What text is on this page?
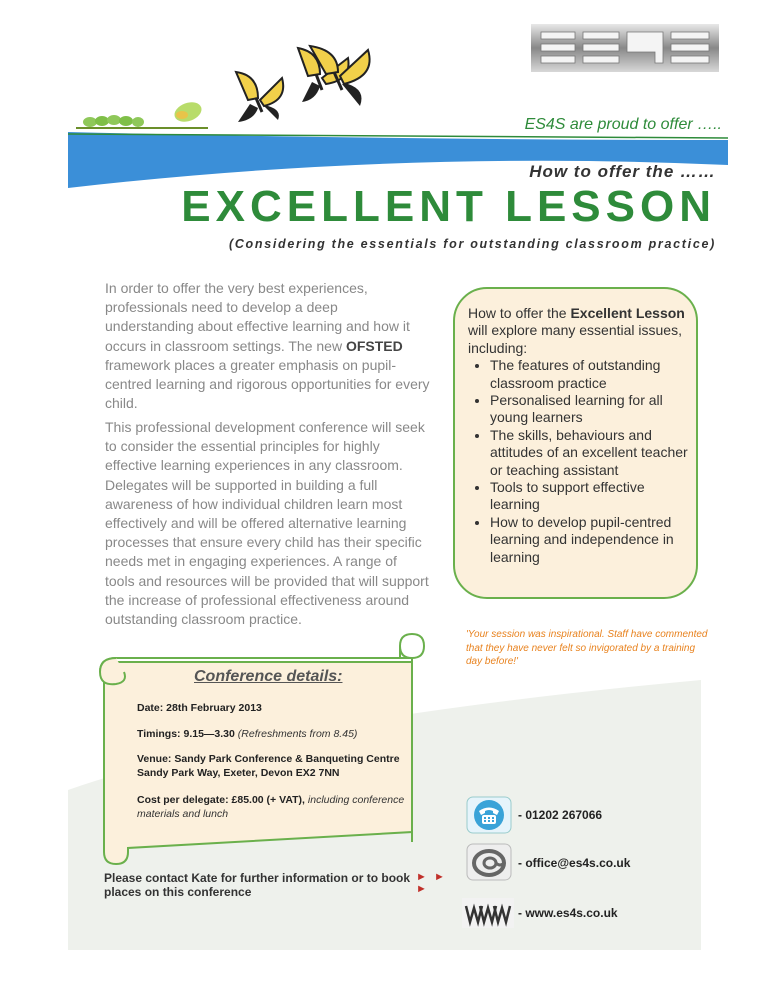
ES4S
ES4S are proud to offer …..
How to offer the ……
EXCELLENT LESSON
(Considering the essentials for outstanding classroom practice)
In order to offer the very best experiences, professionals need to develop a deep understanding about effective learning and how it occurs in classroom settings. The new OFSTED framework places a greater emphasis on pupil-centred learning and rigorous opportunities for every child.
This professional development conference will seek to consider the essential principles for highly effective learning experiences in any classroom. Delegates will be supported in building a full awareness of how individual children learn most effectively and will be offered alternative learning processes that ensure every child has their specific needs met in engaging experiences. A range of tools and resources will be provided that will support the increase of professional effectiveness around outstanding classroom practice.
How to offer the Excellent Lesson will explore many essential issues, including:
• The features of outstanding classroom practice
• Personalised learning for all young learners
• The skills, behaviours and attitudes of an excellent teacher or teaching assistant
• Tools to support effective learning
• How to develop pupil-centred learning and independence in learning
'Your session was inspirational. Staff have commented that they have never felt so invigorated by a training day before!'
Conference details:
Date: 28th February 2013
Timings: 9.15—3.30 (Refreshments from 8.45)
Venue: Sandy Park Conference & Banqueting Centre Sandy Park Way, Exeter, Devon EX2 7NN
Cost per delegate: £85.00 (+ VAT), including conference materials and lunch
Please contact Kate for further information or to book places on this conference
► ► ►
- 01202 267066
- office@es4s.co.uk
- www.es4s.co.uk
